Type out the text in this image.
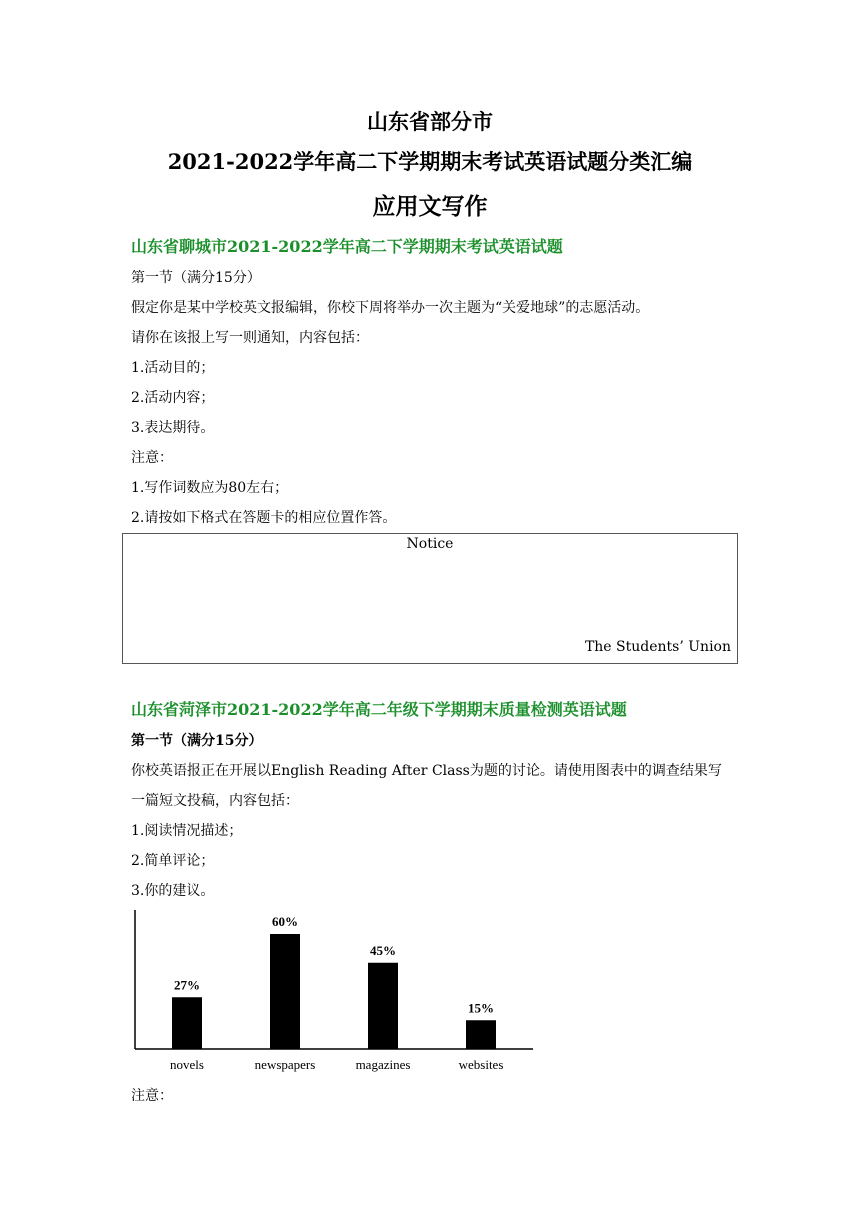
山东省部分市
2021-2022学年高二下学期期末考试英语试题分类汇编
应用文写作
山东省聊城市2021-2022学年高二下学期期末考试英语试题
第一节（满分15分）
假定你是某中学校英文报编辑，你校下周将举办一次主题为“关爱地球”的志愿活动。
请你在该报上写一则通知，内容包括：
1.活动目的；
2.活动内容；
3.表达期待。
注意：
1.写作词数应为80左右；
2.请按如下格式在答题卡的相应位置作答。
Notice
The Students’ Union
山东省菏泽市2021-2022学年高二年级下学期期末质量检测英语试题
第一节（满分15分）
你校英语报正在开展以English Reading After Class为题的讨论。请使用图表中的调查结果写
一篇短文投稿，内容包括：
1.阅读情况描述；
2.简单评论；
3.你的建议。
27%
novels
60%
newspapers
45%
magazines
15%
websites
注意：
